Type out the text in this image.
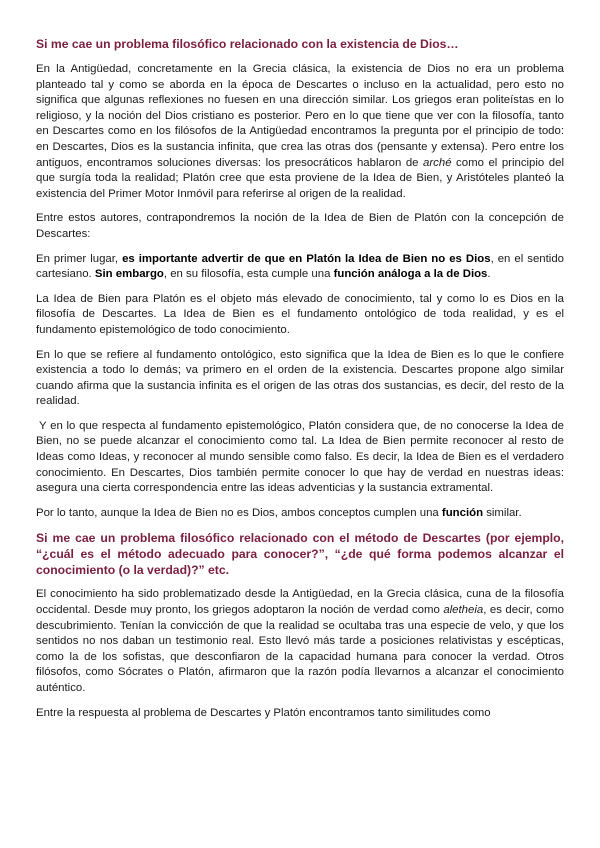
Si me cae un problema filosófico relacionado con la existencia de Dios…

En la Antigüedad, concretamente en la Grecia clásica, la existencia de Dios no era un problema planteado tal y como se aborda en la época de Descartes o incluso en la actualidad, pero esto no significa que algunas reflexiones no fuesen en una dirección similar. Los griegos eran politeístas en lo religioso, y la noción del Dios cristiano es posterior. Pero en lo que tiene que ver con la filosofía, tanto en Descartes como en los filósofos de la Antigüedad encontramos la pregunta por el principio de todo: en Descartes, Dios es la sustancia infinita, que crea las otras dos (pensante y extensa). Pero entre los antiguos, encontramos soluciones diversas: los presocráticos hablaron de arché como el principio del que surgía toda la realidad; Platón cree que esta proviene de la Idea de Bien, y Aristóteles planteó la existencia del Primer Motor Inmóvil para referirse al origen de la realidad.

Entre estos autores, contrapondremos la noción de la Idea de Bien de Platón con la concepción de Descartes:

En primer lugar, es importante advertir de que en Platón la Idea de Bien no es Dios, en el sentido cartesiano. Sin embargo, en su filosofía, esta cumple una función análoga a la de Dios.

La Idea de Bien para Platón es el objeto más elevado de conocimiento, tal y como lo es Dios en la filosofía de Descartes. La Idea de Bien es el fundamento ontológico de toda realidad, y es el fundamento epistemológico de todo conocimiento.

En lo que se refiere al fundamento ontológico, esto significa que la Idea de Bien es lo que le confiere existencia a todo lo demás; va primero en el orden de la existencia. Descartes propone algo similar cuando afirma que la sustancia infinita es el origen de las otras dos sustancias, es decir, del resto de la realidad.

Y en lo que respecta al fundamento epistemológico, Platón considera que, de no conocerse la Idea de Bien, no se puede alcanzar el conocimiento como tal. La Idea de Bien permite reconocer al resto de Ideas como Ideas, y reconocer al mundo sensible como falso. Es decir, la Idea de Bien es el verdadero conocimiento. En Descartes, Dios también permite conocer lo que hay de verdad en nuestras ideas: asegura una cierta correspondencia entre las ideas adventicias y la sustancia extramental.

Por lo tanto, aunque la Idea de Bien no es Dios, ambos conceptos cumplen una función similar.

Si me cae un problema filosófico relacionado con el método de Descartes (por ejemplo, “¿cuál es el método adecuado para conocer?”, “¿de qué forma podemos alcanzar el conocimiento (o la verdad)?” etc.

El conocimiento ha sido problematizado desde la Antigüedad, en la Grecia clásica, cuna de la filosofía occidental. Desde muy pronto, los griegos adoptaron la noción de verdad como aletheia, es decir, como descubrimiento. Tenían la convicción de que la realidad se ocultaba tras una especie de velo, y que los sentidos no nos daban un testimonio real. Esto llevó más tarde a posiciones relativistas y escépticas, como la de los sofistas, que desconfiaron de la capacidad humana para conocer la verdad. Otros filósofos, como Sócrates o Platón, afirmaron que la razón podía llevarnos a alcanzar el conocimiento auténtico.

Entre la respuesta al problema de Descartes y Platón encontramos tanto similitudes como
